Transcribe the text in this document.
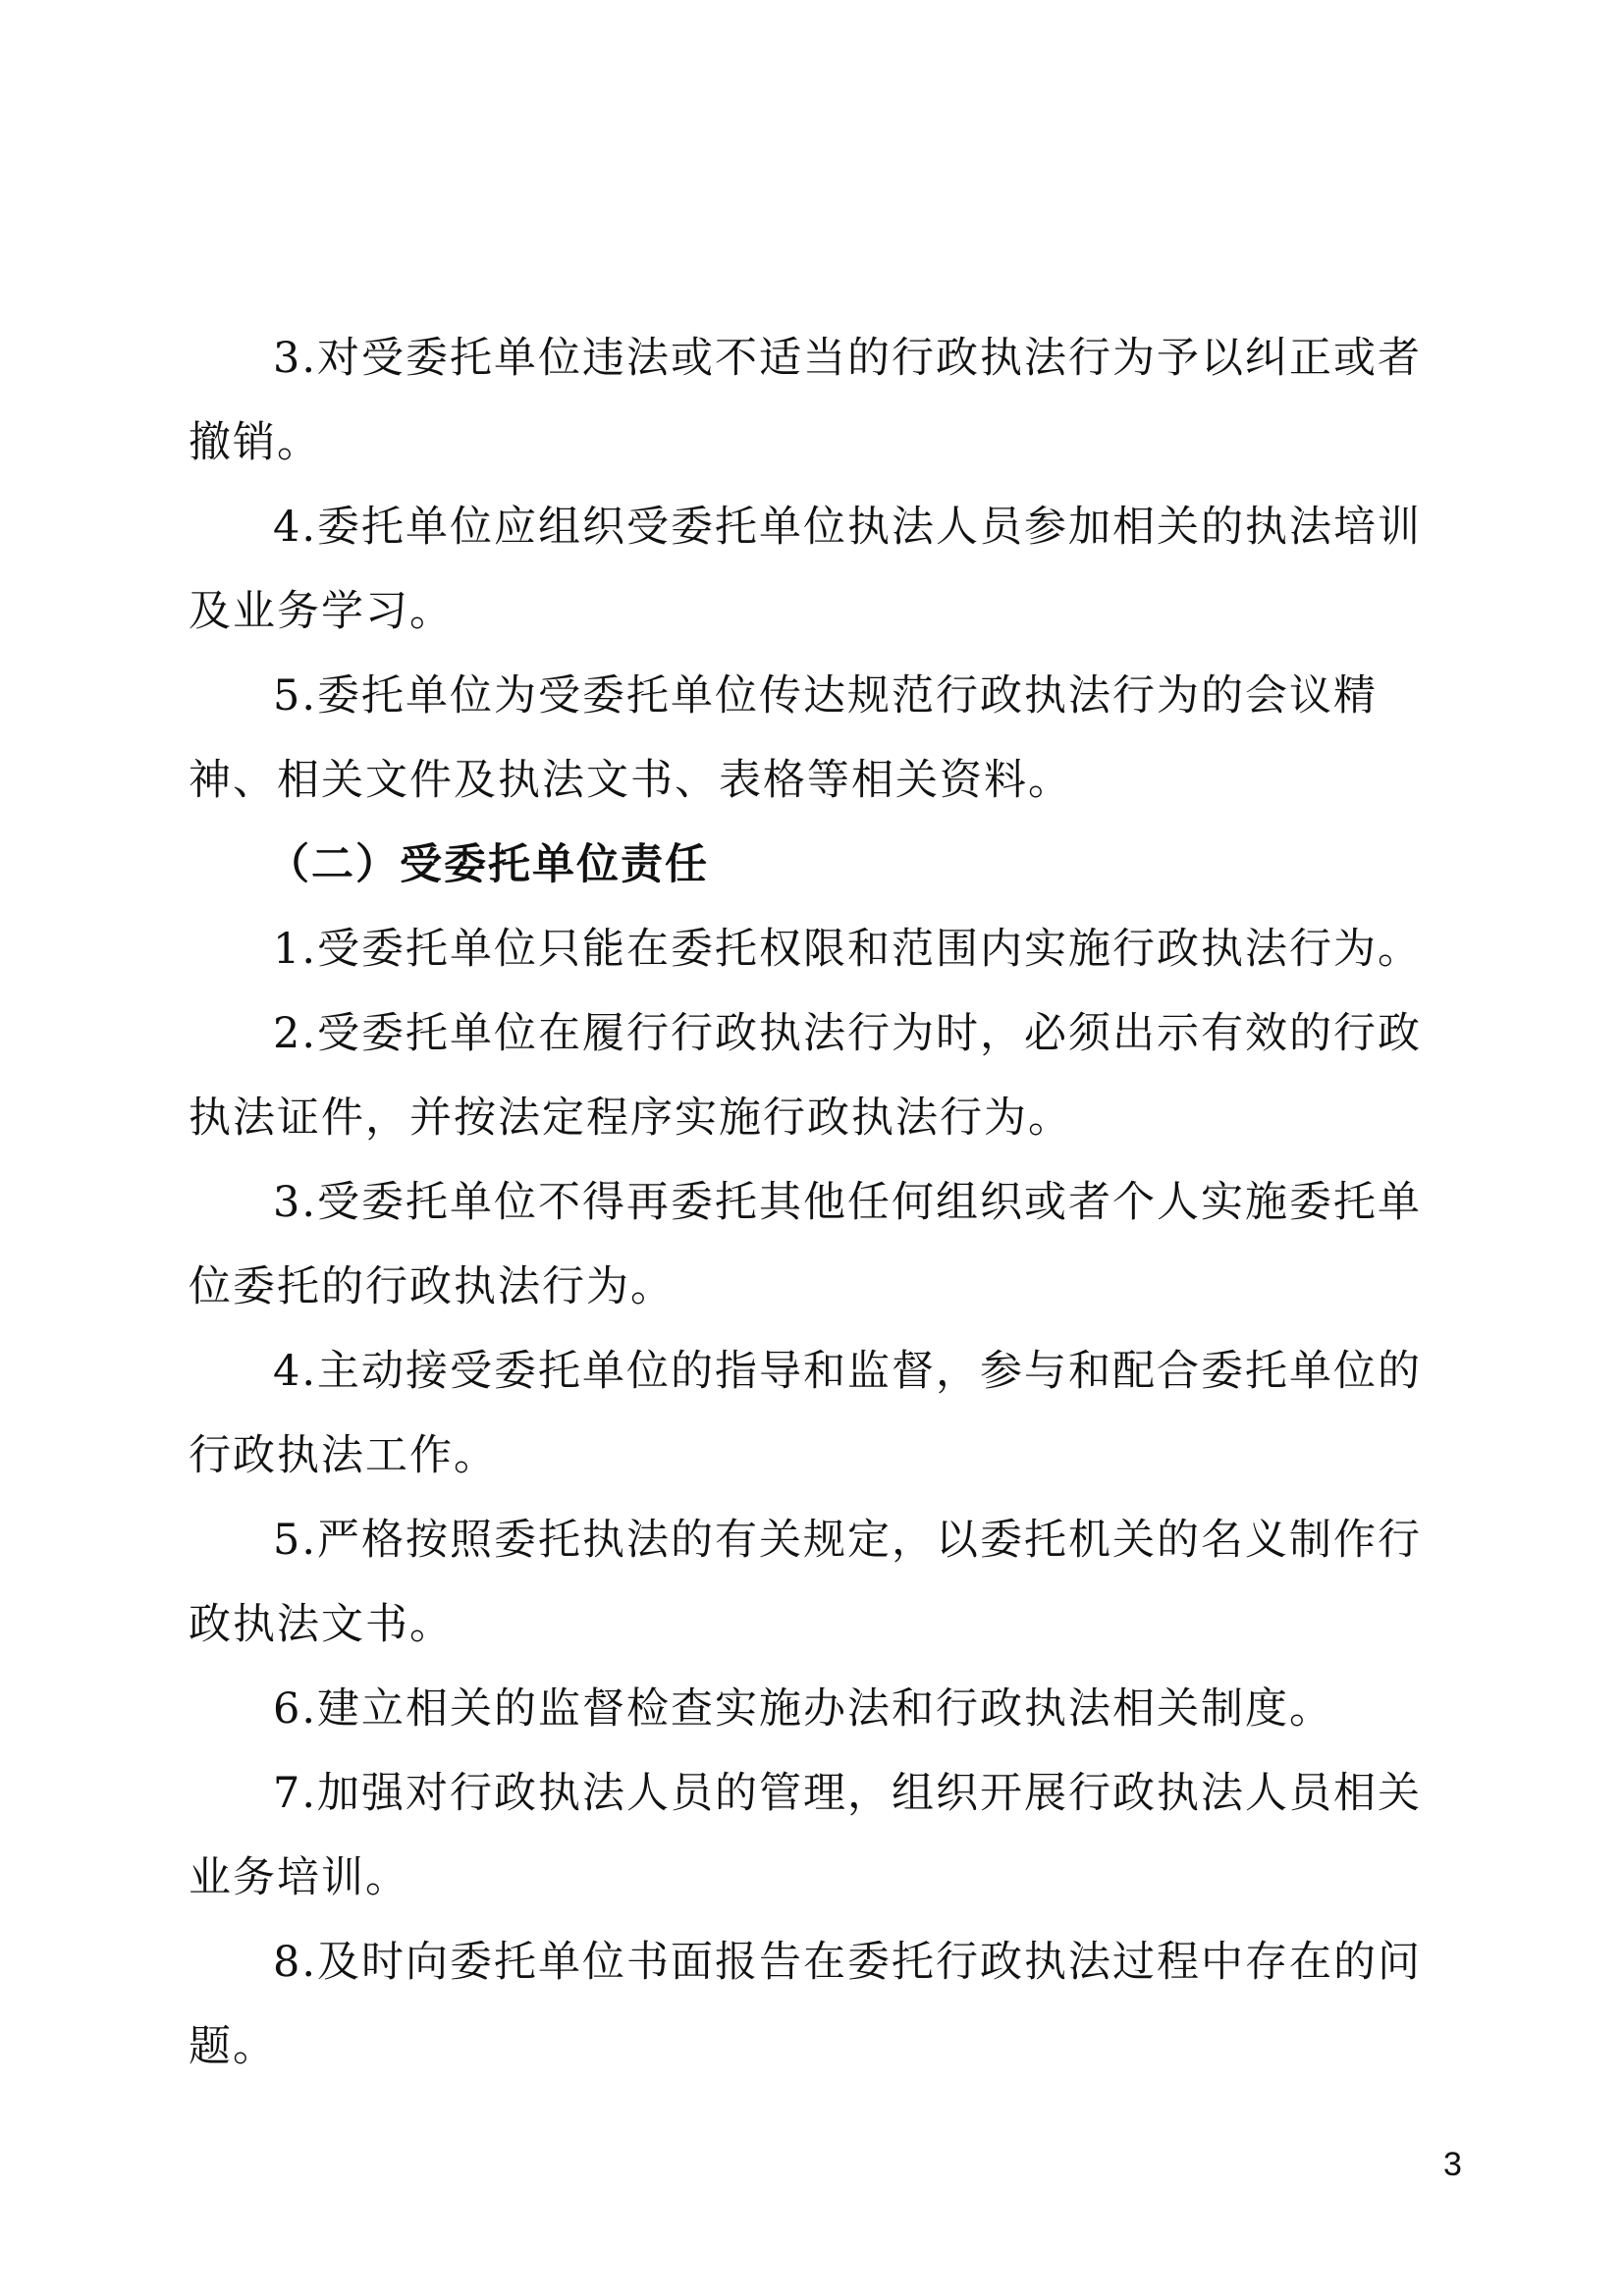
3.对受委托单位违法或不适当的行政执法行为予以纠正或者撤销。

4.委托单位应组织受委托单位执法人员参加相关的执法培训及业务学习。

5.委托单位为受委托单位传达规范行政执法行为的会议精神、相关文件及执法文书、表格等相关资料。

（二）受委托单位责任

1.受委托单位只能在委托权限和范围内实施行政执法行为。

2.受委托单位在履行行政执法行为时，必须出示有效的行政执法证件，并按法定程序实施行政执法行为。

3.受委托单位不得再委托其他任何组织或者个人实施委托单位委托的行政执法行为。

4.主动接受委托单位的指导和监督，参与和配合委托单位的行政执法工作。

5.严格按照委托执法的有关规定，以委托机关的名义制作行政执法文书。

6.建立相关的监督检查实施办法和行政执法相关制度。

7.加强对行政执法人员的管理，组织开展行政执法人员相关业务培训。

8.及时向委托单位书面报告在委托行政执法过程中存在的问题。

3
